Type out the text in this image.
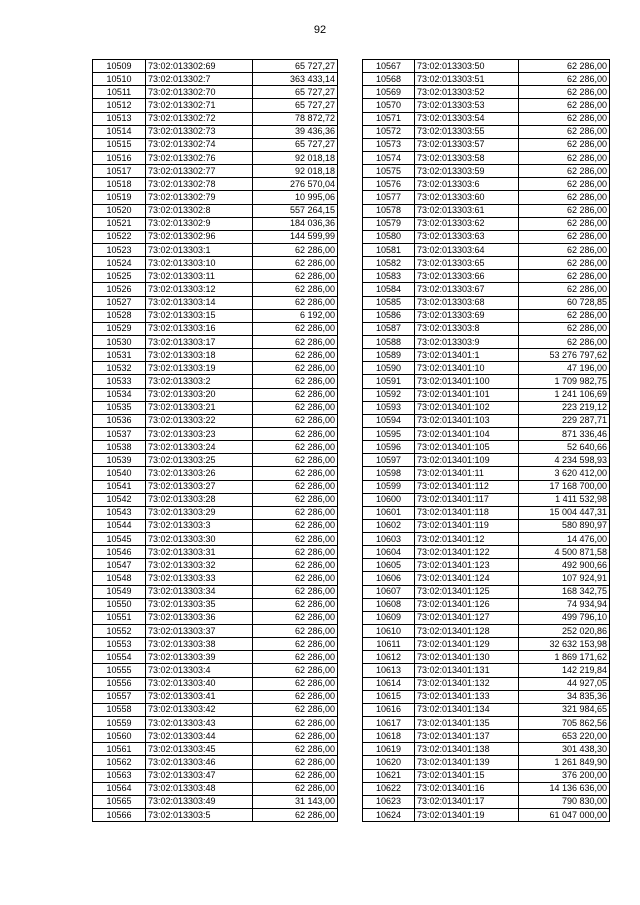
92
10509	73:02:013302:69	65 727,27
10510	73:02:013302:7	363 433,14
10511	73:02:013302:70	65 727,27
10512	73:02:013302:71	65 727,27
10513	73:02:013302:72	78 872,72
10514	73:02:013302:73	39 436,36
10515	73:02:013302:74	65 727,27
10516	73:02:013302:76	92 018,18
10517	73:02:013302:77	92 018,18
10518	73:02:013302:78	276 570,04
10519	73:02:013302:79	10 995,06
10520	73:02:013302:8	557 264,15
10521	73:02:013302:9	184 036,36
10522	73:02:013302:96	144 599,99
10523	73:02:013303:1	62 286,00
10524	73:02:013303:10	62 286,00
10525	73:02:013303:11	62 286,00
10526	73:02:013303:12	62 286,00
10527	73:02:013303:14	62 286,00
10528	73:02:013303:15	6 192,00
10529	73:02:013303:16	62 286,00
10530	73:02:013303:17	62 286,00
10531	73:02:013303:18	62 286,00
10532	73:02:013303:19	62 286,00
10533	73:02:013303:2	62 286,00
10534	73:02:013303:20	62 286,00
10535	73:02:013303:21	62 286,00
10536	73:02:013303:22	62 286,00
10537	73:02:013303:23	62 286,00
10538	73:02:013303:24	62 286,00
10539	73:02:013303:25	62 286,00
10540	73:02:013303:26	62 286,00
10541	73:02:013303:27	62 286,00
10542	73:02:013303:28	62 286,00
10543	73:02:013303:29	62 286,00
10544	73:02:013303:3	62 286,00
10545	73:02:013303:30	62 286,00
10546	73:02:013303:31	62 286,00
10547	73:02:013303:32	62 286,00
10548	73:02:013303:33	62 286,00
10549	73:02:013303:34	62 286,00
10550	73:02:013303:35	62 286,00
10551	73:02:013303:36	62 286,00
10552	73:02:013303:37	62 286,00
10553	73:02:013303:38	62 286,00
10554	73:02:013303:39	62 286,00
10555	73:02:013303:4	62 286,00
10556	73:02:013303:40	62 286,00
10557	73:02:013303:41	62 286,00
10558	73:02:013303:42	62 286,00
10559	73:02:013303:43	62 286,00
10560	73:02:013303:44	62 286,00
10561	73:02:013303:45	62 286,00
10562	73:02:013303:46	62 286,00
10563	73:02:013303:47	62 286,00
10564	73:02:013303:48	62 286,00
10565	73:02:013303:49	31 143,00
10566	73:02:013303:5	62 286,00
10567	73:02:013303:50	62 286,00
10568	73:02:013303:51	62 286,00
10569	73:02:013303:52	62 286,00
10570	73:02:013303:53	62 286,00
10571	73:02:013303:54	62 286,00
10572	73:02:013303:55	62 286,00
10573	73:02:013303:57	62 286,00
10574	73:02:013303:58	62 286,00
10575	73:02:013303:59	62 286,00
10576	73:02:013303:6	62 286,00
10577	73:02:013303:60	62 286,00
10578	73:02:013303:61	62 286,00
10579	73:02:013303:62	62 286,00
10580	73:02:013303:63	62 286,00
10581	73:02:013303:64	62 286,00
10582	73:02:013303:65	62 286,00
10583	73:02:013303:66	62 286,00
10584	73:02:013303:67	62 286,00
10585	73:02:013303:68	60 728,85
10586	73:02:013303:69	62 286,00
10587	73:02:013303:8	62 286,00
10588	73:02:013303:9	62 286,00
10589	73:02:013401:1	53 276 797,62
10590	73:02:013401:10	47 196,00
10591	73:02:013401:100	1 709 982,75
10592	73:02:013401:101	1 241 106,69
10593	73:02:013401:102	223 219,12
10594	73:02:013401:103	229 287,71
10595	73:02:013401:104	871 336,46
10596	73:02:013401:105	52 640,66
10597	73:02:013401:109	4 234 598,93
10598	73:02:013401:11	3 620 412,00
10599	73:02:013401:112	17 168 700,00
10600	73:02:013401:117	1 411 532,98
10601	73:02:013401:118	15 004 447,31
10602	73:02:013401:119	580 890,97
10603	73:02:013401:12	14 476,00
10604	73:02:013401:122	4 500 871,58
10605	73:02:013401:123	492 900,66
10606	73:02:013401:124	107 924,91
10607	73:02:013401:125	168 342,75
10608	73:02:013401:126	74 934,94
10609	73:02:013401:127	499 796,10
10610	73:02:013401:128	252 020,86
10611	73:02:013401:129	32 632 153,98
10612	73:02:013401:130	1 869 171,62
10613	73:02:013401:131	142 219,84
10614	73:02:013401:132	44 927,05
10615	73:02:013401:133	34 835,36
10616	73:02:013401:134	321 984,65
10617	73:02:013401:135	705 862,56
10618	73:02:013401:137	653 220,00
10619	73:02:013401:138	301 438,30
10620	73:02:013401:139	1 261 849,90
10621	73:02:013401:15	376 200,00
10622	73:02:013401:16	14 136 636,00
10623	73:02:013401:17	790 830,00
10624	73:02:013401:19	61 047 000,00
